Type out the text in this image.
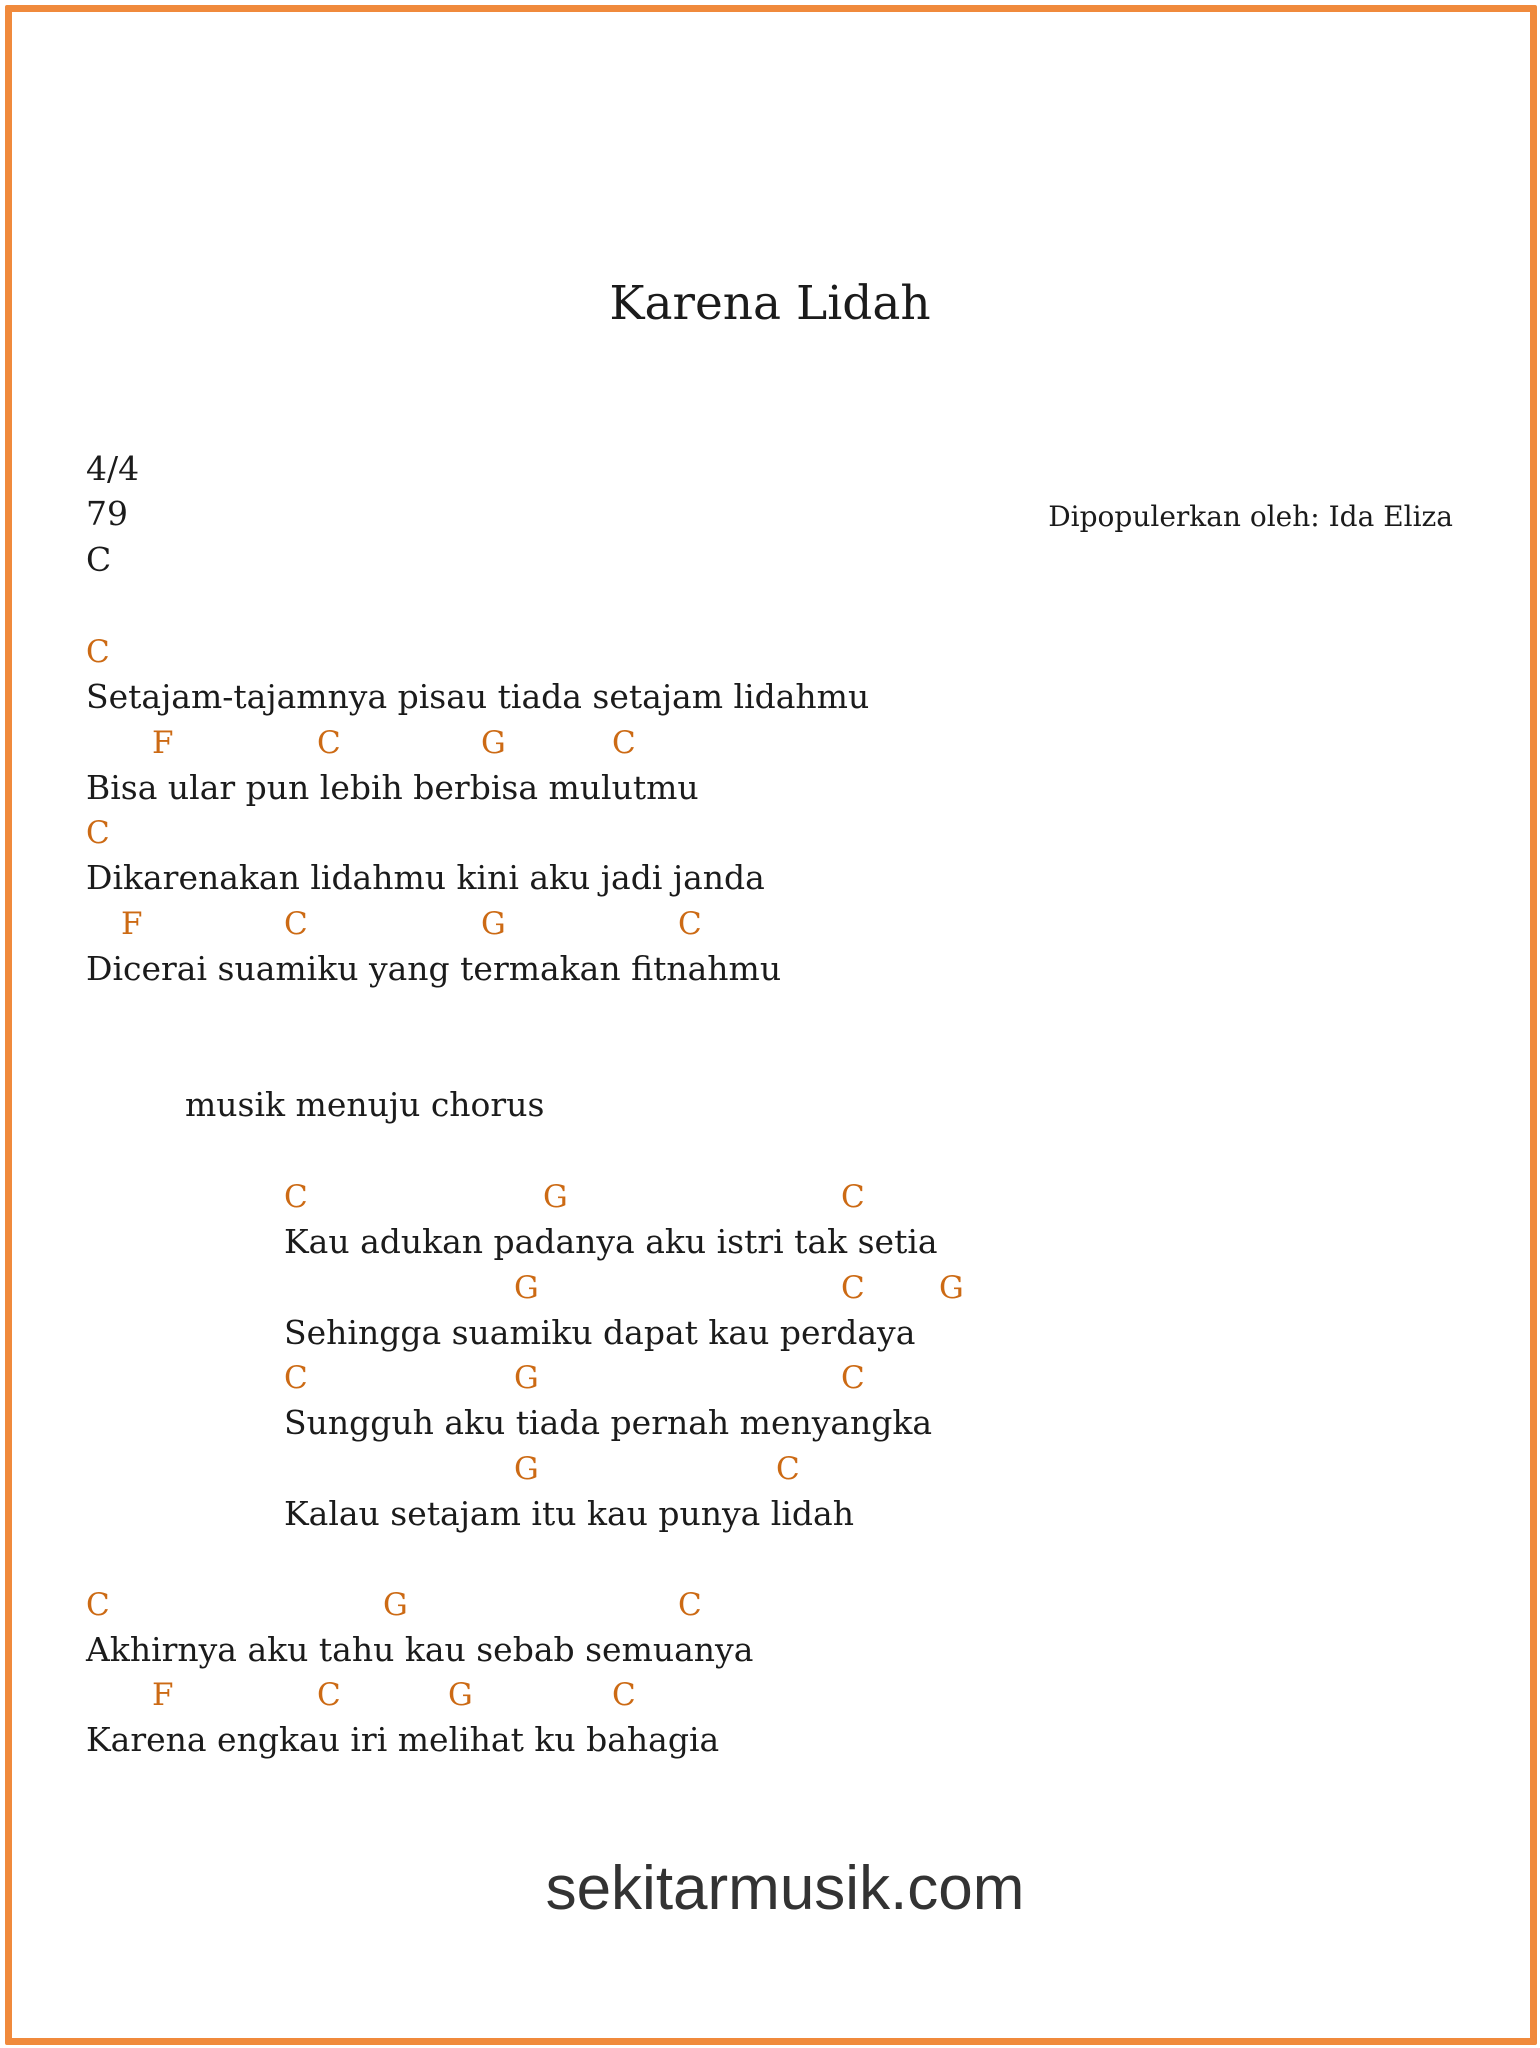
Karena Lidah
4/4
79
C
Dipopulerkan oleh: Ida Eliza
C
Setajam-tajamnya pisau tiada setajam lidahmu
F	C	G	C
Bisa ular pun lebih berbisa mulutmu
C
Dikarenakan lidahmu kini aku jadi janda
F	C	G	C
Dicerai suamiku yang termakan fitnahmu
musik menuju chorus
C	G	C
Kau adukan padanya aku istri tak setia
G	C G
Sehingga suamiku dapat kau perdaya
C	G	C
Sungguh aku tiada pernah menyangka
G	C
Kalau setajam itu kau punya lidah
C	G	C
Akhirnya aku tahu kau sebab semuanya
F	C	G	C
Karena engkau iri melihat ku bahagia
sekitarmusik.com
